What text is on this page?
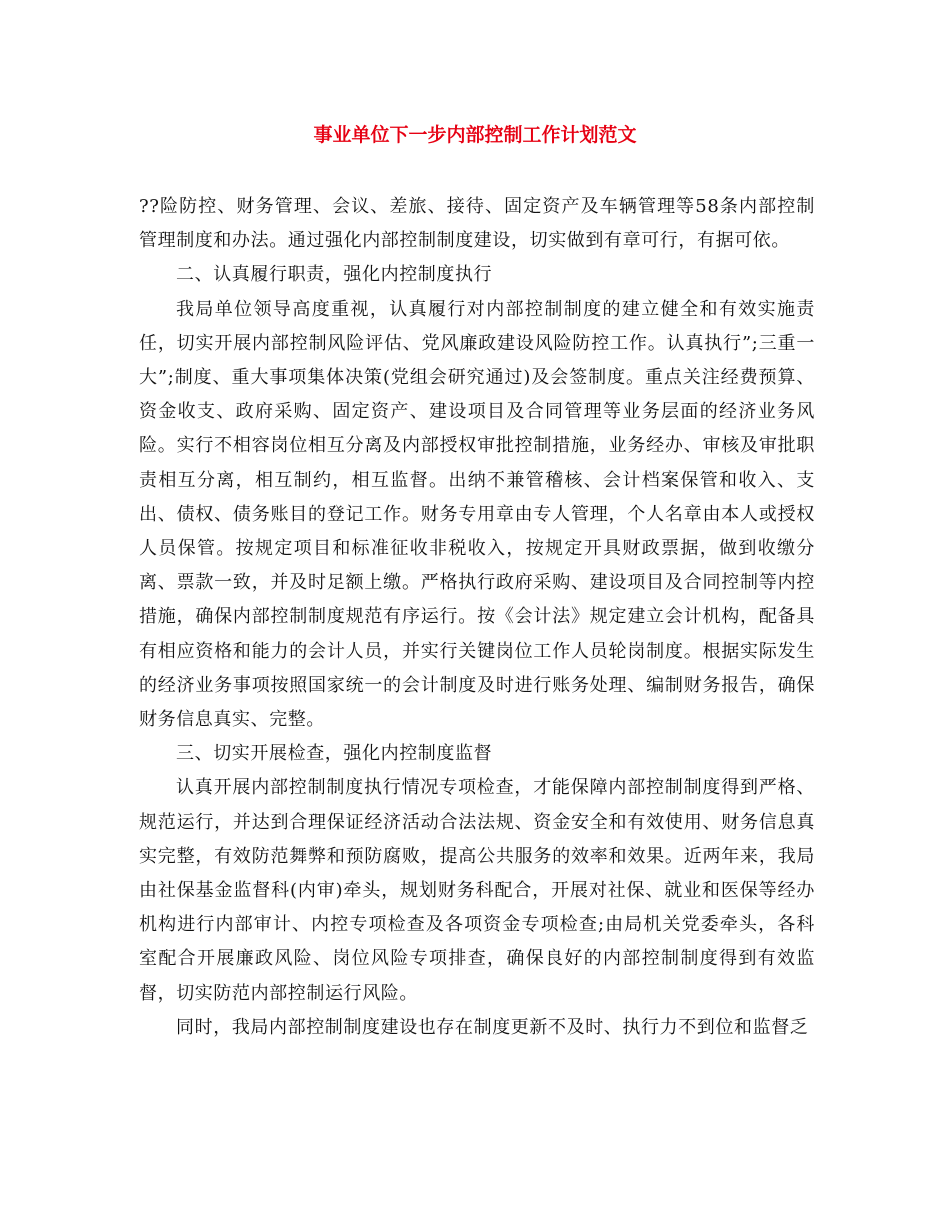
事业单位下一步内部控制工作计划范文

??险防控、财务管理、会议、差旅、接待、固定资产及车辆管理等58条内部控制管理制度和办法。通过强化内部控制制度建设，切实做到有章可行，有据可依。

二、认真履行职责，强化内控制度执行

我局单位领导高度重视，认真履行对内部控制制度的建立健全和有效实施责任，切实开展内部控制风险评估、党风廉政建设风险防控工作。认真执行”;三重一大”;制度、重大事项集体决策(党组会研究通过)及会签制度。重点关注经费预算、资金收支、政府采购、固定资产、建设项目及合同管理等业务层面的经济业务风险。实行不相容岗位相互分离及内部授权审批控制措施，业务经办、审核及审批职责相互分离，相互制约，相互监督。出纳不兼管稽核、会计档案保管和收入、支出、债权、债务账目的登记工作。财务专用章由专人管理，个人名章由本人或授权人员保管。按规定项目和标准征收非税收入，按规定开具财政票据，做到收缴分离、票款一致，并及时足额上缴。严格执行政府采购、建设项目及合同控制等内控措施，确保内部控制制度规范有序运行。按《会计法》规定建立会计机构，配备具有相应资格和能力的会计人员，并实行关键岗位工作人员轮岗制度。根据实际发生的经济业务事项按照国家统一的会计制度及时进行账务处理、编制财务报告，确保财务信息真实、完整。

三、切实开展检查，强化内控制度监督

认真开展内部控制制度执行情况专项检查，才能保障内部控制制度得到严格、规范运行，并达到合理保证经济活动合法法规、资金安全和有效使用、财务信息真实完整，有效防范舞弊和预防腐败，提高公共服务的效率和效果。近两年来，我局由社保基金监督科(内审)牵头，规划财务科配合，开展对社保、就业和医保等经办机构进行内部审计、内控专项检查及各项资金专项检查;由局机关党委牵头，各科室配合开展廉政风险、岗位风险专项排查，确保良好的内部控制制度得到有效监督，切实防范内部控制运行风险。

同时，我局内部控制制度建设也存在制度更新不及时、执行力不到位和监督乏
